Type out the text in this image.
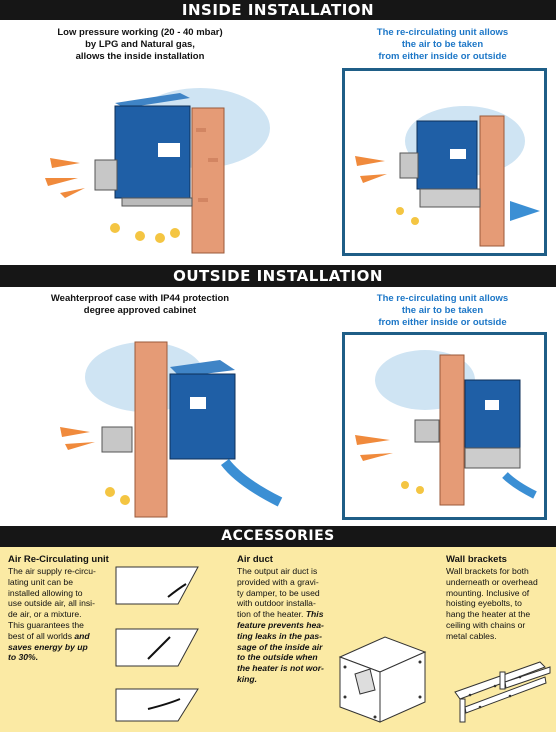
INSIDE INSTALLATION
Low pressure working (20 - 40 mbar)
by LPG and Natural gas,
allows the inside installation
The re-circulating unit allows
the air to be taken
from either inside or outside
OUTSIDE INSTALLATION
Weahterproof case with IP44 protection
degree approved cabinet
The re-circulating unit allows
the air to be taken
from either inside or outside
ACCESSORIES
Air Re-Circulating unit
The air supply re-circu-
lating unit can be
installed allowing to
use outside air, all insi-
de air, or a mixture.
This guarantees the
best of all worlds and
saves energy by up
to 30%.
Air duct
The output air duct is
provided with a gravi-
ty damper, to be used
with outdoor installa-
tion of the heater. This
feature prevents hea-
ting leaks in the pas-
sage of the inside air
to the outside when
the heater is not wor-
king.
Wall brackets
Wall brackets for both
underneath or overhead
mounting. Inclusive of
hoisting eyebolts, to
hang the heater at the
ceiling with chains or
metal cables.
